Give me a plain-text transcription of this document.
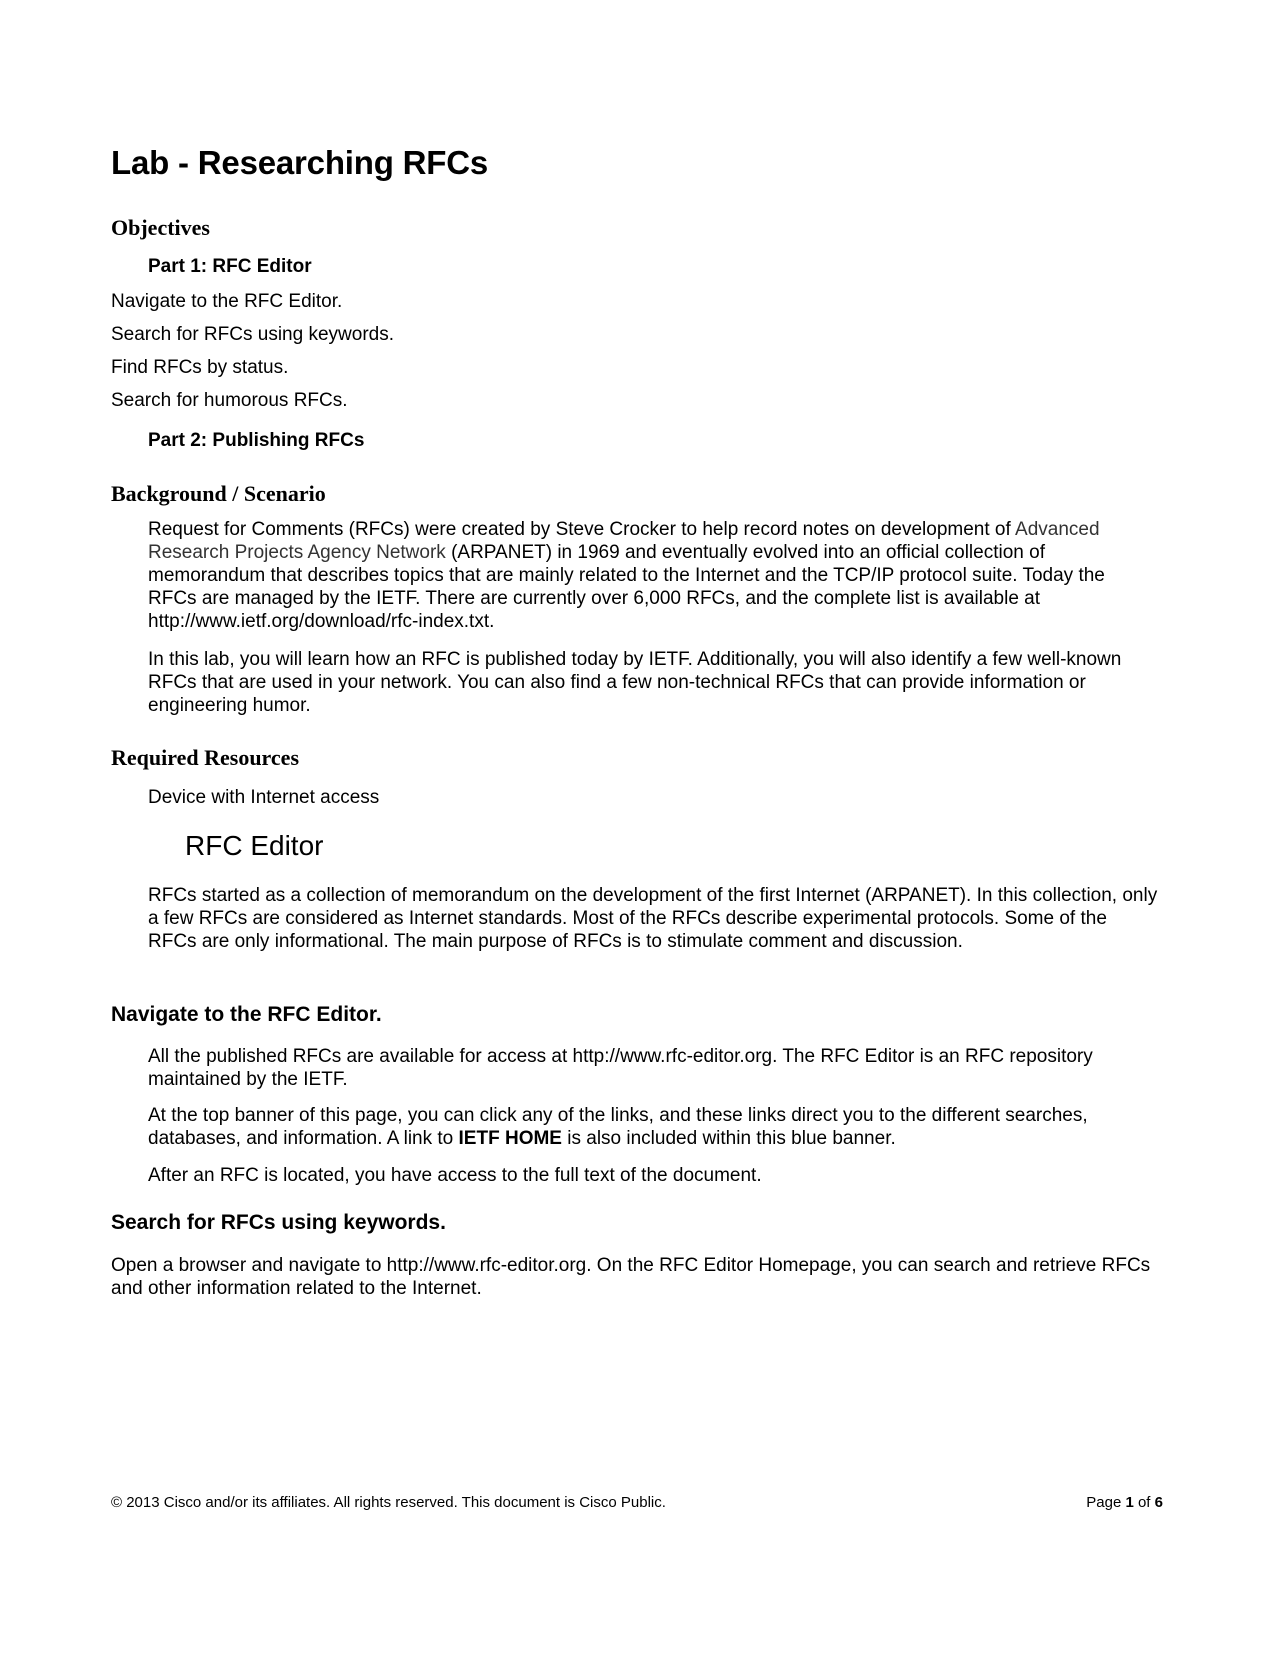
Lab - Researching RFCs
Objectives
Part 1: RFC Editor
Navigate to the RFC Editor.
Search for RFCs using keywords.
Find RFCs by status.
Search for humorous RFCs.
Part 2: Publishing RFCs
Background / Scenario
Request for Comments (RFCs) were created by Steve Crocker to help record notes on development of Advanced Research Projects Agency Network (ARPANET) in 1969 and eventually evolved into an official collection of memorandum that describes topics that are mainly related to the Internet and the TCP/IP protocol suite. Today the RFCs are managed by the IETF. There are currently over 6,000 RFCs, and the complete list is available at http://www.ietf.org/download/rfc-index.txt.
In this lab, you will learn how an RFC is published today by IETF. Additionally, you will also identify a few well-known RFCs that are used in your network. You can also find a few non-technical RFCs that can provide information or engineering humor.
Required Resources
Device with Internet access
RFC Editor
RFCs started as a collection of memorandum on the development of the first Internet (ARPANET). In this collection, only a few RFCs are considered as Internet standards. Most of the RFCs describe experimental protocols. Some of the RFCs are only informational. The main purpose of RFCs is to stimulate comment and discussion.
Navigate to the RFC Editor.
All the published RFCs are available for access at http://www.rfc-editor.org. The RFC Editor is an RFC repository maintained by the IETF.
At the top banner of this page, you can click any of the links, and these links direct you to the different searches, databases, and information. A link to IETF HOME is also included within this blue banner.
After an RFC is located, you have access to the full text of the document.
Search for RFCs using keywords.
Open a browser and navigate to http://www.rfc-editor.org. On the RFC Editor Homepage, you can search and retrieve RFCs and other information related to the Internet.
© 2013 Cisco and/or its affiliates. All rights reserved. This document is Cisco Public.	Page 1 of 6
